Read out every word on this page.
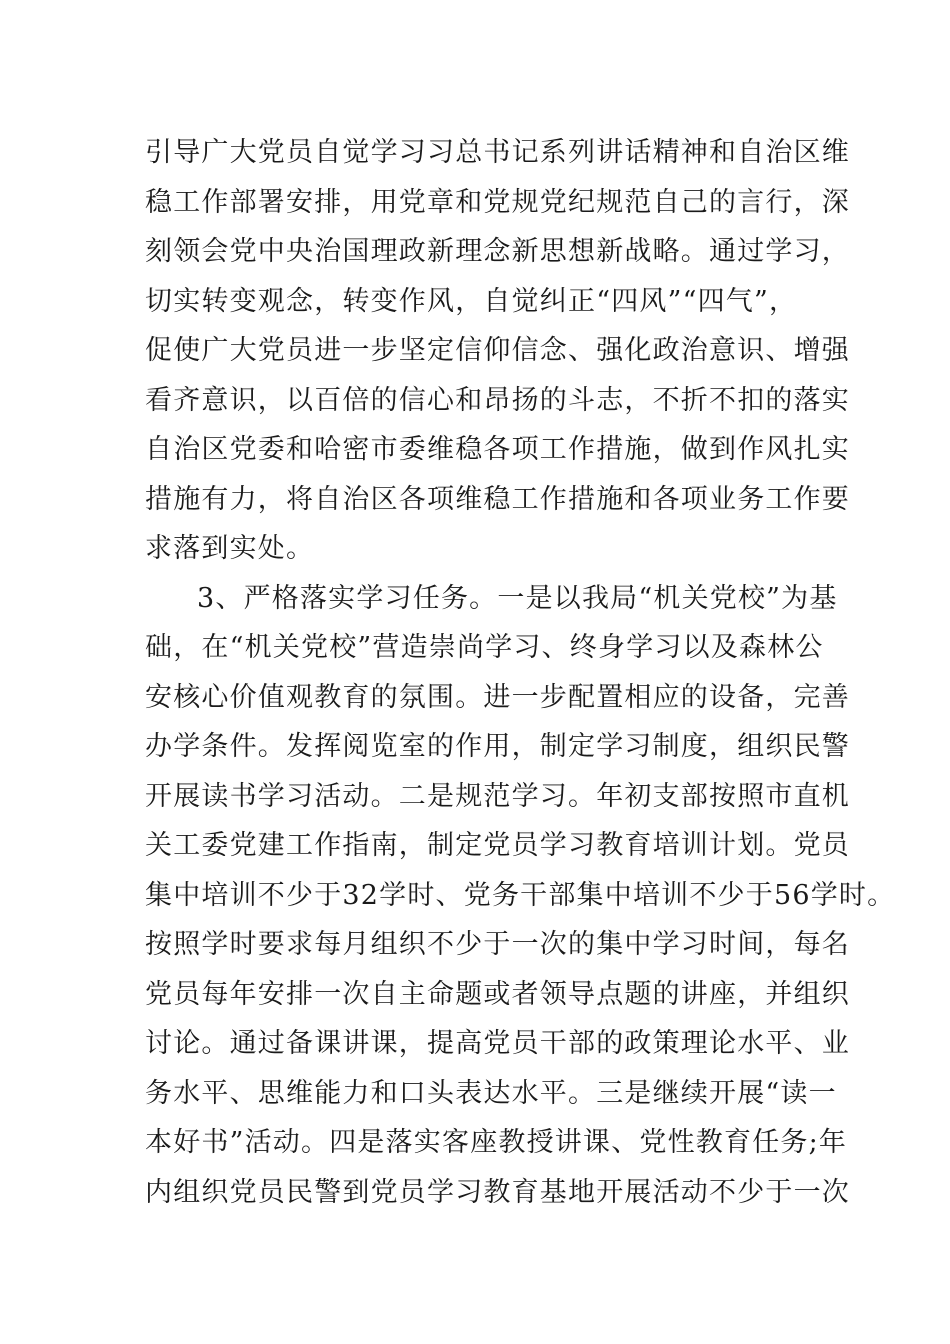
引导广大党员自觉学习习总书记系列讲话精神和自治区维
稳工作部署安排，用党章和党规党纪规范自己的言行，深
刻领会党中央治国理政新理念新思想新战略。通过学习，
切实转变观念，转变作风，自觉纠正“四风”“四气”，
促使广大党员进一步坚定信仰信念、强化政治意识、增强
看齐意识，以百倍的信心和昂扬的斗志，不折不扣的落实
自治区党委和哈密市委维稳各项工作措施，做到作风扎实
措施有力，将自治区各项维稳工作措施和各项业务工作要
求落到实处。
3、严格落实学习任务。一是以我局“机关党校”为基
础，在“机关党校”营造崇尚学习、终身学习以及森林公
安核心价值观教育的氛围。进一步配置相应的设备，完善
办学条件。发挥阅览室的作用，制定学习制度，组织民警
开展读书学习活动。二是规范学习。年初支部按照市直机
关工委党建工作指南，制定党员学习教育培训计划。党员
集中培训不少于32学时、党务干部集中培训不少于56学时。
按照学时要求每月组织不少于一次的集中学习时间，每名
党员每年安排一次自主命题或者领导点题的讲座，并组织
讨论。通过备课讲课，提高党员干部的政策理论水平、业
务水平、思维能力和口头表达水平。三是继续开展“读一
本好书”活动。四是落实客座教授讲课、党性教育任务;年
内组织党员民警到党员学习教育基地开展活动不少于一次
